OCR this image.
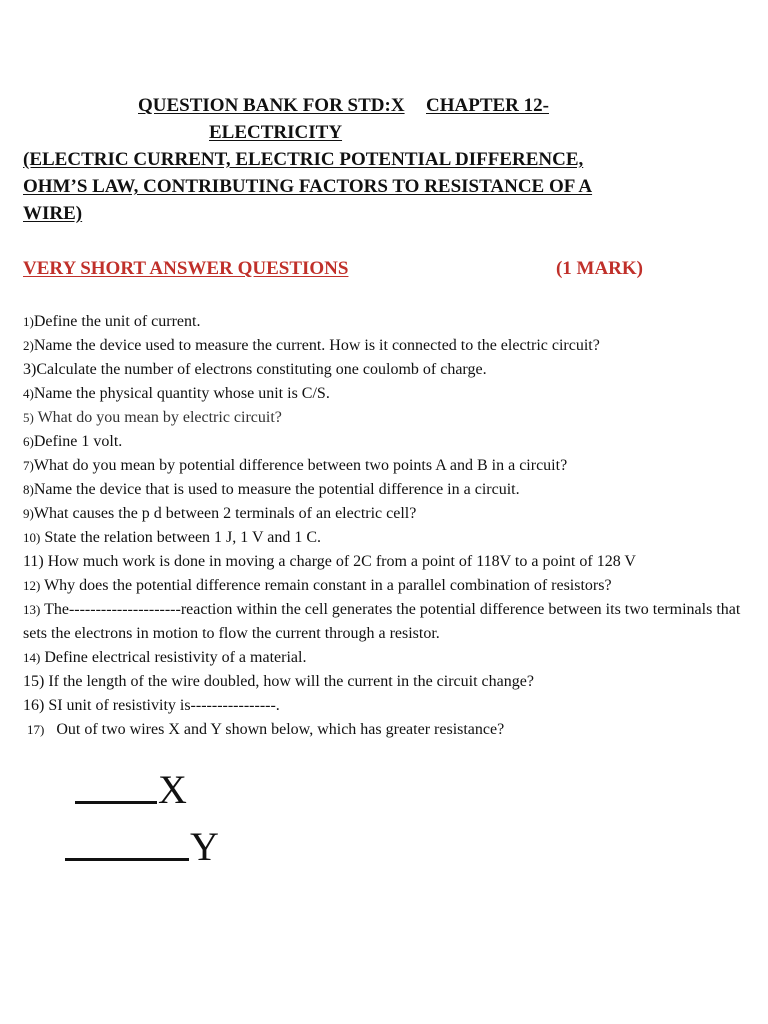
QUESTION BANK FOR STD:X CHAPTER 12-
ELECTRICITY
(ELECTRIC CURRENT, ELECTRIC POTENTIAL DIFFERENCE,
OHM’S LAW, CONTRIBUTING FACTORS TO RESISTANCE OF A
WIRE)
VERY SHORT ANSWER QUESTIONS	(1 MARK)
1)Define the unit of current.
2)Name the device used to measure the current. How is it connected to the electric circuit?
3)Calculate the number of electrons constituting one coulomb of charge.
4)Name the physical quantity whose unit is C/S.
5) What do you mean by electric circuit?
6)Define 1 volt.
7)What do you mean by potential difference between two points A and B in a circuit?
8)Name the device that is used to measure the potential difference in a circuit.
9)What causes the p d between 2 terminals of an electric cell?
10) State the relation between 1 J, 1 V and 1 C.
11) How much work is done in moving a charge of 2C from a point of 118V to a point of 128 V
12) Why does the potential difference remain constant in a parallel combination of resistors?
13) The---------------------reaction within the cell generates the potential difference between its two terminals that sets the electrons in motion to flow the current through a resistor.
14) Define electrical resistivity of a material.
15) If the length of the wire doubled, how will the current in the circuit change?
16) SI unit of resistivity is----------------.
17) Out of two wires X and Y shown below, which has greater resistance?
X
Y
